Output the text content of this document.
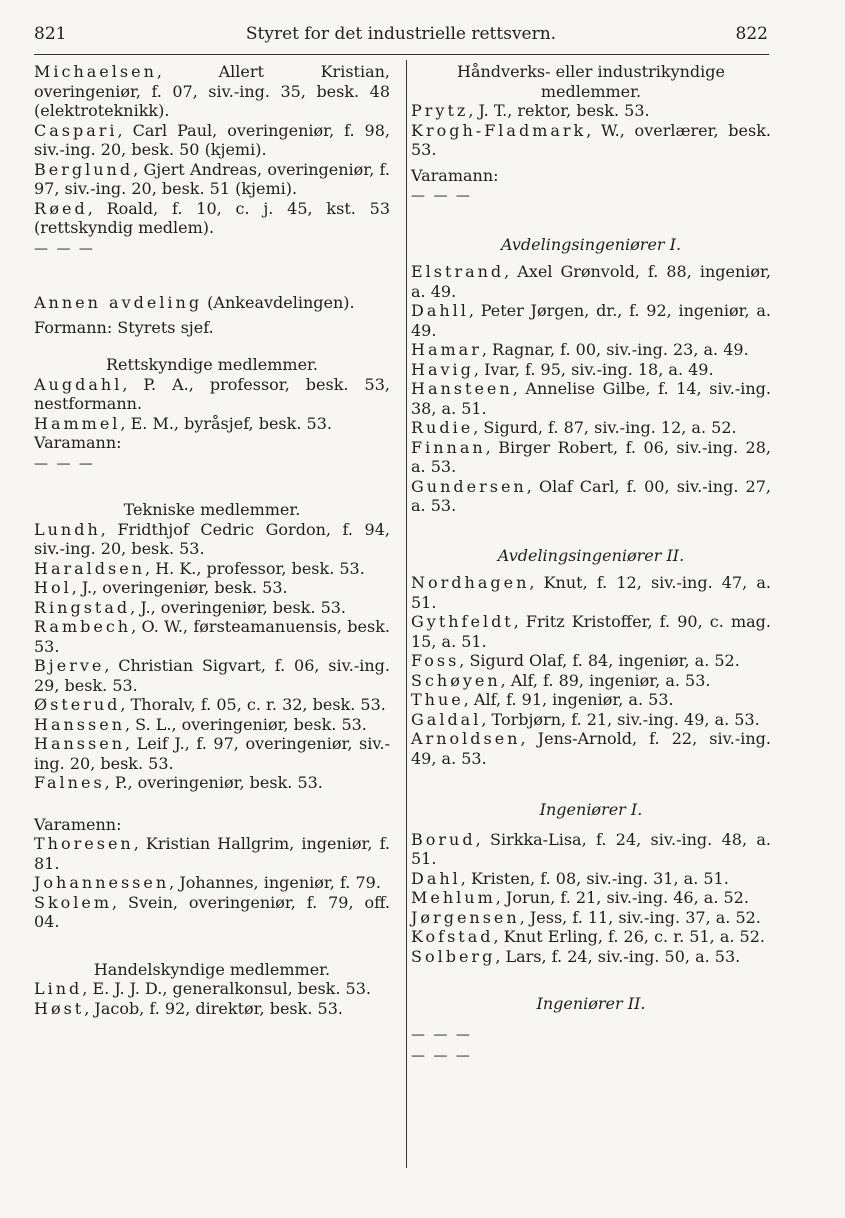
821	Styret for det industrielle rettsvern.	822

Michaelsen, Allert Kristian, overingeniør, f. 07, siv.-ing. 35, besk. 48 (elektroteknikk).

Caspari, Carl Paul, overingeniør, f. 98, siv.-ing. 20, besk. 50 (kjemi).

Berglund, Gjert Andreas, overingeniør, f. 97, siv.-ing. 20, besk. 51 (kjemi).

Røed, Roald, f. 10, c. j. 45, kst. 53 (rettskyndig medlem).

— — —

Annen avdeling (Ankeavdelingen).

Formann: Styrets sjef.

Rettskyndige medlemmer.

Augdahl, P. A., professor, besk. 53, nestformann.

Hammel, E. M., byråsjef, besk. 53.

Varamann:

— — —

Tekniske medlemmer.

Lundh, Fridthjof Cedric Gordon, f. 94, siv.-ing. 20, besk. 53.

Haraldsen, H. K., professor, besk. 53.

Hol, J., overingeniør, besk. 53.

Ringstad, J., overingeniør, besk. 53.

Rambech, O. W., førsteamanuensis, besk. 53.

Bjerve, Christian Sigvart, f. 06, siv.-ing. 29, besk. 53.

Østerud, Thoralv, f. 05, c. r. 32, besk. 53.

Hanssen, S. L., overingeniør, besk. 53.

Hanssen, Leif J., f. 97, overingeniør, siv.-ing. 20, besk. 53.

Falnes, P., overingeniør, besk. 53.

Varamenn:

Thoresen, Kristian Hallgrim, ingeniør, f. 81.

Johannessen, Johannes, ingeniør, f. 79.

Skolem, Svein, overingeniør, f. 79, off. 04.

Handelskyndige medlemmer.

Lind, E. J. J. D., generalkonsul, besk. 53.

Høst, Jacob, f. 92, direktør, besk. 53.

Håndverks- eller industrikyndige medlemmer.

Prytz, J. T., rektor, besk. 53.

Krogh-Fladmark, W., overlærer, besk. 53.

Varamann:

— — —

Avdelingsingeniører I.

Elstrand, Axel Grønvold, f. 88, ingeniør, a. 49.

Dahll, Peter Jørgen, dr., f. 92, ingeniør, a. 49.

Hamar, Ragnar, f. 00, siv.-ing. 23, a. 49.

Havig, Ivar, f. 95, siv.-ing. 18, a. 49.

Hansteen, Annelise Gilbe, f. 14, siv.-ing. 38, a. 51.

Rudie, Sigurd, f. 87, siv.-ing. 12, a. 52.

Finnan, Birger Robert, f. 06, siv.-ing. 28, a. 53.

Gundersen, Olaf Carl, f. 00, siv.-ing. 27, a. 53.

Avdelingsingeniører II.

Nordhagen, Knut, f. 12, siv.-ing. 47, a. 51.

Gythfeldt, Fritz Kristoffer, f. 90, c. mag. 15, a. 51.

Foss, Sigurd Olaf, f. 84, ingeniør, a. 52.

Schøyen, Alf, f. 89, ingeniør, a. 53.

Thue, Alf, f. 91, ingeniør, a. 53.

Galdal, Torbjørn, f. 21, siv.-ing. 49, a. 53.

Arnoldsen, Jens-Arnold, f. 22, siv.-ing. 49, a. 53.

Ingeniører I.

Borud, Sirkka-Lisa, f. 24, siv.-ing. 48, a. 51.

Dahl, Kristen, f. 08, siv.-ing. 31, a. 51.

Mehlum, Jorun, f. 21, siv.-ing. 46, a. 52.

Jørgensen, Jess, f. 11, siv.-ing. 37, a. 52.

Kofstad, Knut Erling, f. 26, c. r. 51, a. 52.

Solberg, Lars, f. 24, siv.-ing. 50, a. 53.

Ingeniører II.

— — —

— — —
